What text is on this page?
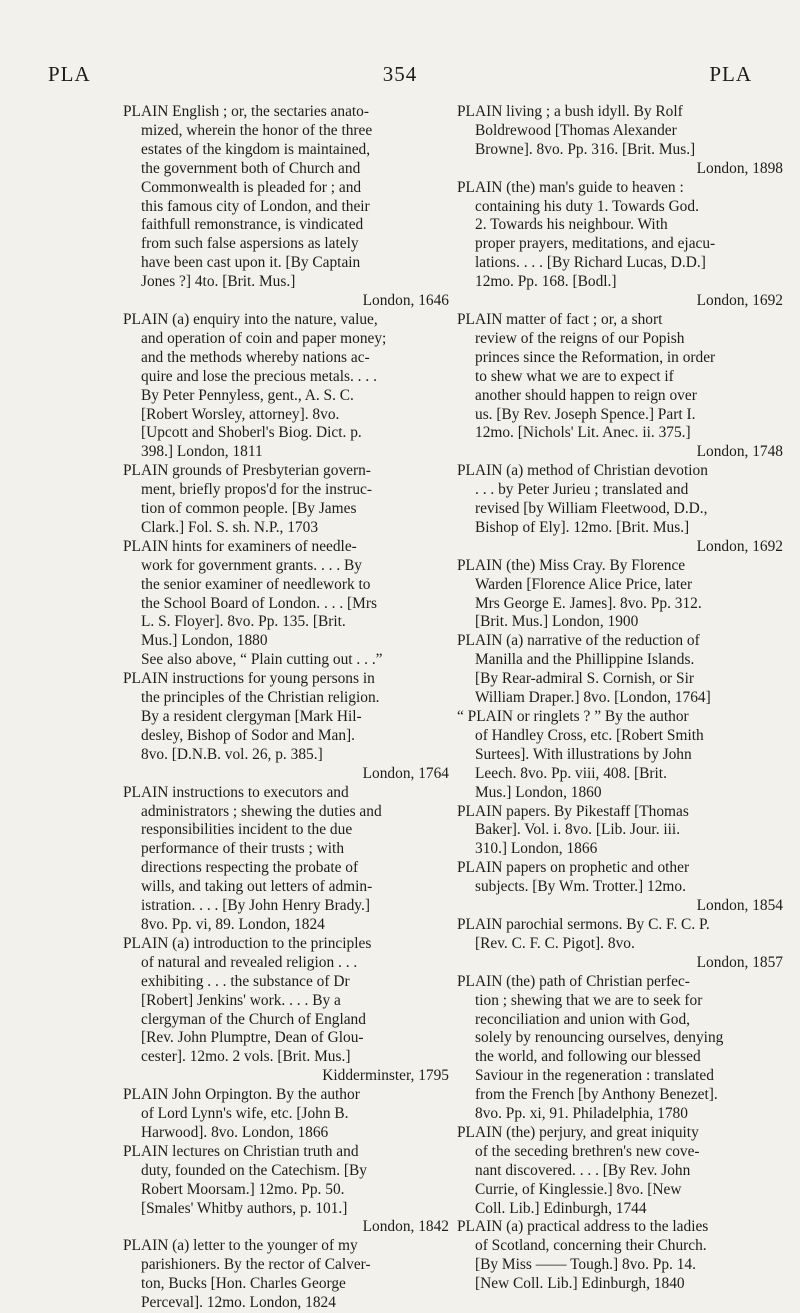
PLA	354	PLA
PLAIN English ; or, the sectaries anato-
mized, wherein the honor of the three
estates of the kingdom is maintained,
the government both of Church and
Commonwealth is pleaded for ; and
this famous city of London, and their
faithfull remonstrance, is vindicated
from such false aspersions as lately
have been cast upon it. [By Captain
Jones ?] 4to. [Brit. Mus.]
London, 1646
PLAIN (a) enquiry into the nature, value,
and operation of coin and paper money;
and the methods whereby nations ac-
quire and lose the precious metals. . . .
By Peter Pennyless, gent., A. S. C.
[Robert Worsley, attorney]. 8vo.
[Upcott and Shoberl's Biog. Dict. p.
398.] London, 1811
PLAIN grounds of Presbyterian govern-
ment, briefly propos'd for the instruc-
tion of common people. [By James
Clark.] Fol. S. sh. N.P., 1703
PLAIN hints for examiners of needle-
work for government grants. . . . By
the senior examiner of needlework to
the School Board of London. . . . [Mrs
L. S. Floyer]. 8vo. Pp. 135. [Brit.
Mus.] London, 1880
See also above, “ Plain cutting out . . .”
PLAIN instructions for young persons in
the principles of the Christian religion.
By a resident clergyman [Mark Hil-
desley, Bishop of Sodor and Man].
8vo. [D.N.B. vol. 26, p. 385.]
London, 1764
PLAIN instructions to executors and
administrators ; shewing the duties and
responsibilities incident to the due
performance of their trusts ; with
directions respecting the probate of
wills, and taking out letters of admin-
istration. . . . [By John Henry Brady.]
8vo. Pp. vi, 89. London, 1824
PLAIN (a) introduction to the principles
of natural and revealed religion . . .
exhibiting . . . the substance of Dr
[Robert] Jenkins' work. . . . By a
clergyman of the Church of England
[Rev. John Plumptre, Dean of Glou-
cester]. 12mo. 2 vols. [Brit. Mus.]
Kidderminster, 1795
PLAIN John Orpington. By the author
of Lord Lynn's wife, etc. [John B.
Harwood]. 8vo. London, 1866
PLAIN lectures on Christian truth and
duty, founded on the Catechism. [By
Robert Moorsam.] 12mo. Pp. 50.
[Smales' Whitby authors, p. 101.]
London, 1842
PLAIN (a) letter to the younger of my
parishioners. By the rector of Calver-
ton, Bucks [Hon. Charles George
Perceval]. 12mo. London, 1824
PLAIN living ; a bush idyll. By Rolf
Boldrewood [Thomas Alexander
Browne]. 8vo. Pp. 316. [Brit. Mus.]
London, 1898
PLAIN (the) man's guide to heaven :
containing his duty 1. Towards God.
2. Towards his neighbour. With
proper prayers, meditations, and ejacu-
lations. . . . [By Richard Lucas, D.D.]
12mo. Pp. 168. [Bodl.]
London, 1692
PLAIN matter of fact ; or, a short
review of the reigns of our Popish
princes since the Reformation, in order
to shew what we are to expect if
another should happen to reign over
us. [By Rev. Joseph Spence.] Part I.
12mo. [Nichols' Lit. Anec. ii. 375.]
London, 1748
PLAIN (a) method of Christian devotion
. . . by Peter Jurieu ; translated and
revised [by William Fleetwood, D.D.,
Bishop of Ely]. 12mo. [Brit. Mus.]
London, 1692
PLAIN (the) Miss Cray. By Florence
Warden [Florence Alice Price, later
Mrs George E. James]. 8vo. Pp. 312.
[Brit. Mus.] London, 1900
PLAIN (a) narrative of the reduction of
Manilla and the Phillippine Islands.
[By Rear-admiral S. Cornish, or Sir
William Draper.] 8vo. [London, 1764]
“ PLAIN or ringlets ? ” By the author
of Handley Cross, etc. [Robert Smith
Surtees]. With illustrations by John
Leech. 8vo. Pp. viii, 408. [Brit.
Mus.] London, 1860
PLAIN papers. By Pikestaff [Thomas
Baker]. Vol. i. 8vo. [Lib. Jour. iii.
310.] London, 1866
PLAIN papers on prophetic and other
subjects. [By Wm. Trotter.] 12mo.
London, 1854
PLAIN parochial sermons. By C. F. C. P.
[Rev. C. F. C. Pigot]. 8vo.
London, 1857
PLAIN (the) path of Christian perfec-
tion ; shewing that we are to seek for
reconciliation and union with God,
solely by renouncing ourselves, denying
the world, and following our blessed
Saviour in the regeneration : translated
from the French [by Anthony Benezet].
8vo. Pp. xi, 91. Philadelphia, 1780
PLAIN (the) perjury, and great iniquity
of the seceding brethren's new cove-
nant discovered. . . . [By Rev. John
Currie, of Kinglessie.] 8vo. [New
Coll. Lib.] Edinburgh, 1744
PLAIN (a) practical address to the ladies
of Scotland, concerning their Church.
[By Miss —— Tough.] 8vo. Pp. 14.
[New Coll. Lib.] Edinburgh, 1840
